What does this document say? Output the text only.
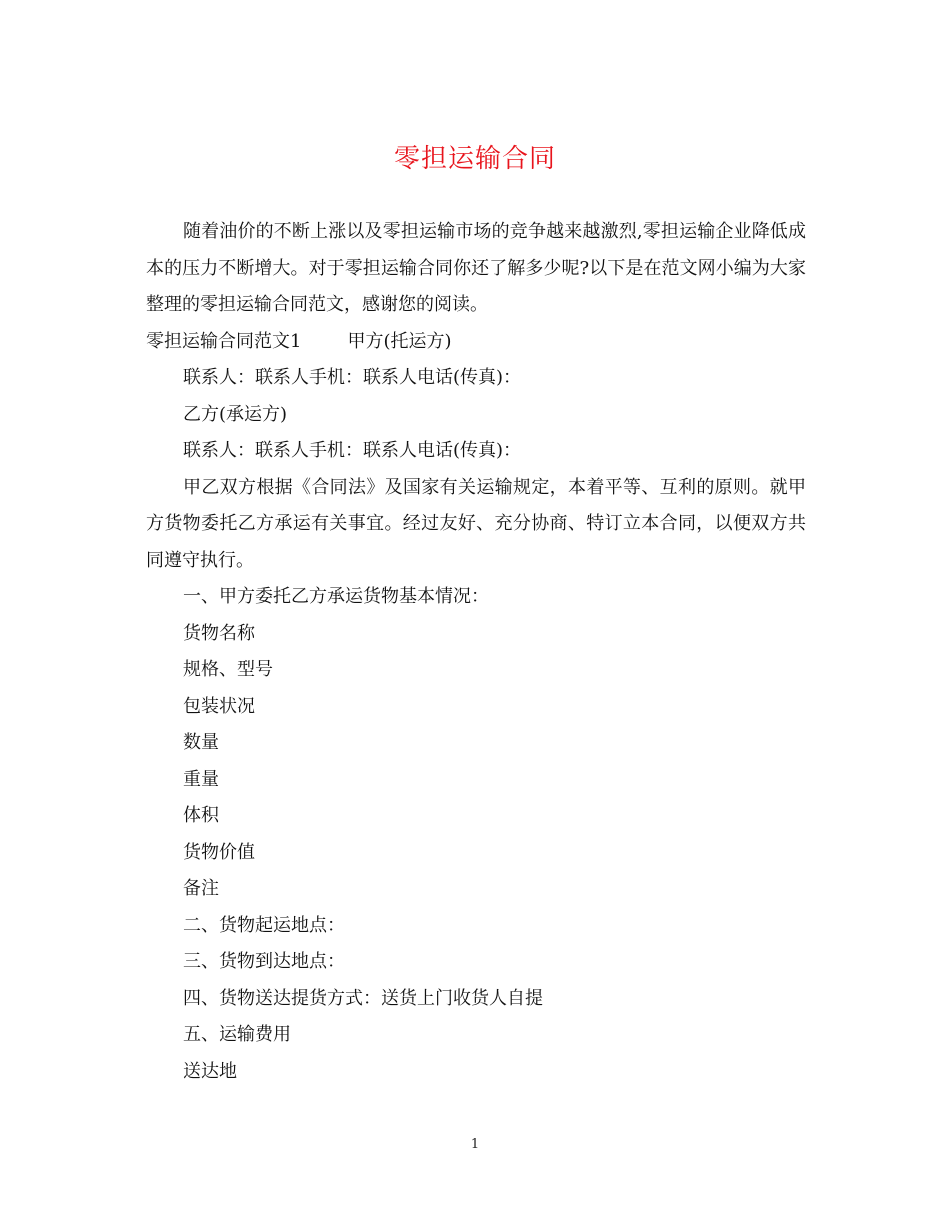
零担运输合同

随着油价的不断上涨以及零担运输市场的竞争越来越激烈,零担运输企业降低成本的压力不断增大。对于零担运输合同你还了解多少呢?以下是在范文网小编为大家整理的零担运输合同范文，感谢您的阅读。

零担运输合同范文1	甲方(托运方)

联系人：联系人手机：联系人电话(传真)：

乙方(承运方)

联系人：联系人手机：联系人电话(传真)：

甲乙双方根据《合同法》及国家有关运输规定，本着平等、互利的原则。就甲方货物委托乙方承运有关事宜。经过友好、充分协商、特订立本合同，以便双方共同遵守执行。

一、甲方委托乙方承运货物基本情况：

货物名称

规格、型号

包装状况

数量

重量

体积

货物价值

备注

二、货物起运地点：

三、货物到达地点：

四、货物送达提货方式：送货上门收货人自提

五、运输费用

送达地

1
